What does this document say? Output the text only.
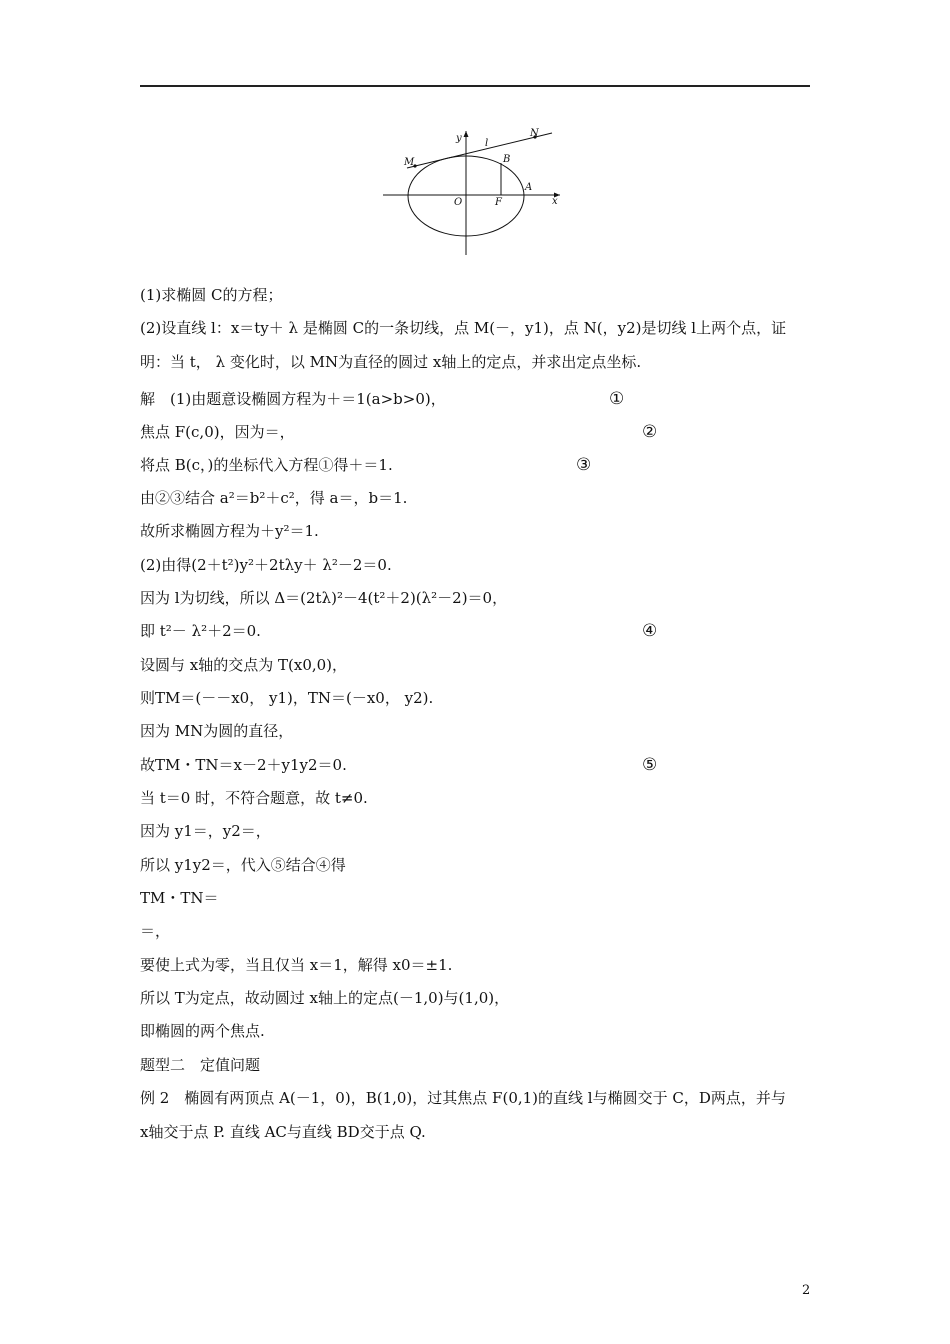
y l
N
M	B
A
O	F	x
(1)求椭圆 C的方程；
(2)设直线 l：x＝ty＋ λ 是椭圆 C的一条切线，点 M(－，y1)，点 N(，y2)是切线 l上两个点，证
明：当 t， λ 变化时，以 MN为直径的圆过 x轴上的定点，并求出定点坐标.
解　(1)由题意设椭圆方程为＋＝1(a>b>0)，
焦点 F(c,0)，因为＝，
将点 B(c，)的坐标代入方程①得＋＝1.
由②③结合 a²＝b²＋c²，得 a＝，b＝1.
故所求椭圆方程为＋y²＝1.
(2)由得(2＋t²)y²＋2tλy＋ λ²－2＝0.
因为 l为切线，所以 Δ＝(2tλ)²－4(t²＋2)(λ²－2)＝0，
即 t²－ λ²＋2＝0.
设圆与 x轴的交点为 T(x0,0)，
则TM＝(－－x0， y1)，TN＝(－x0， y2).
因为 MN为圆的直径，
故TM・TN＝x－2＋y1y2＝0.
当 t＝0 时，不符合题意，故 t≠0.
因为 y1＝，y2＝，
所以 y1y2＝，代入⑤结合④得
TM・TN＝
＝，
要使上式为零，当且仅当 x＝1，解得 x0＝±1.
所以 T为定点，故动圆过 x轴上的定点(－1,0)与(1,0)，
即椭圆的两个焦点.
题型二　定值问题
例 2　椭圆有两顶点 A(－1，0)，B(1,0)，过其焦点 F(0,1)的直线 l与椭圆交于 C，D两点，并与
x轴交于点 P. 直线 AC与直线 BD交于点 Q.
①
②
③
④
⑤
2
